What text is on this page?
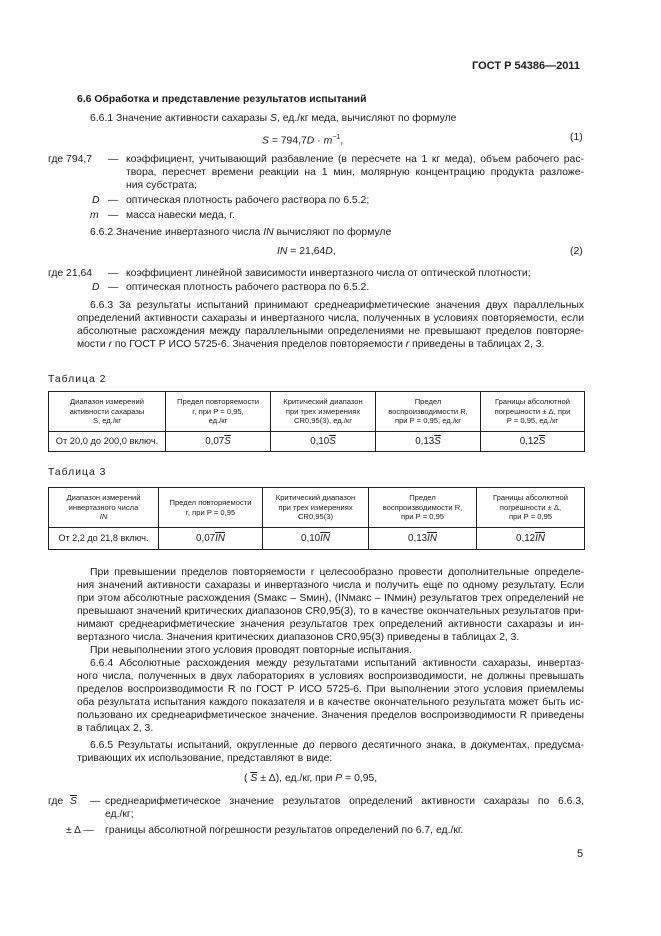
ГОСТ Р 54386—2011
6.6 Обработка и представление результатов испытаний
6.6.1 Значение активности сахаразы S, ед./кг меда, вычисляют по формуле
$S = 794,7D \cdot m^{-1}$,	(1)
где 794,7 — коэффициент, учитывающий разбавление (в пересчете на 1 кг меда), объем рабочего рас-
твора, пересчет времени реакции на 1 мин, молярную концентрацию продукта разложе-
ния субстрата;
D — оптическая плотность рабочего раствора по 6.5.2;
m — масса навески меда, г.
6.6.2 Значение инвертазного числа IN вычисляют по формуле
IN = 21,64D,	(2)
где 21,64 — коэффициент линейной зависимости инвертазного числа от оптической плотности;
D — оптическая плотность рабочего раствора по 6.5.2.
6.6.3 За результаты испытаний принимают среднеарифметические значения двух параллельных
определений активности сахаразы и инвертазного числа, полученных в условиях повторяемости, если
абсолютные расхождения между параллельными определениями не превышают пределов повторяе-
мости r по ГОСТ Р ИСО 5725-6. Значения пределов повторяемости r приведены в таблицах 2, 3.
Таблица 2
Диапазон измерений
активности сахаразы
S, ед./кг	Предел повторяемости
r, при P = 0,95,
ед./кг	Критический диапазон
при трех измерениях
CR0,95(3), ед./кг	Предел
воспроизводимости R,
при P = 0,95, ед./кг	Границы абсолютной
погрешности ± Δ, при
P = 0,95, ед./кг
От 20,0 до 200,0 включ.	$0,07\overline{S}$	$0,10\overline{S}$	$0,13\overline{S}$	$0,12\overline{S}$
Таблица 3
Диапазон измерений
инвертазного числа
IN	Предел повторяемости
r, при P = 0,95	Критический диапазон
при трех измерениях
CR0,95(3)	Предел
воспроизводимости R,
при P = 0,95	Границы абсолютной
погрешности ± Δ,
при P = 0,95
От 2,2 до 21,8 включ.	$0,07\overline{IN}$	$0,10\overline{IN}$	$0,13\overline{IN}$	$0,12\overline{IN}$
При превышении пределов повторяемости r целесообразно провести дополнительные определе-
ния значений активности сахаразы и инвертазного числа и получить еще по одному результату. Если
при этом абсолютные расхождения (Sмакс – Sмин), (INмакс – INмин) результатов трех определений не
превышают значений критических диапазонов CR0,95(3), то в качестве окончательных результатов при-
нимают среднеарифметические значения результатов трех определений активности сахаразы и ин-
вертазного числа. Значения критических диапазонов CR0,95(3) приведены в таблицах 2, 3.
При невыполнении этого условия проводят повторные испытания.
6.6.4 Абсолютные расхождения между результатами испытаний активности сахаразы, инвертаз-
ного числа, полученных в двух лабораториях в условиях воспроизводимости, не должны превышать
пределов воспроизводимости R по ГОСТ Р ИСО 5725-6. При выполнении этого условия приемлемы
оба результата испытания каждого показателя и в качестве окончательного результата может быть ис-
пользовано их среднеарифметическое значение. Значения пределов воспроизводимости R приведены
в таблицах 2, 3.
6.6.5 Результаты испытаний, округленные до первого десятичного знака, в документах, предусма-
тривающих их использование, представляют в виде:
( $\overline{S} \pm \Delta$), ед./кг, при P = 0,95,
где $\overline{S}$ — среднеарифметическое значение результатов определений активности сахаразы по 6.6.3,
ед./кг;
± Δ — границы абсолютной погрешности результатов определений по 6.7, ед./кг.
5
